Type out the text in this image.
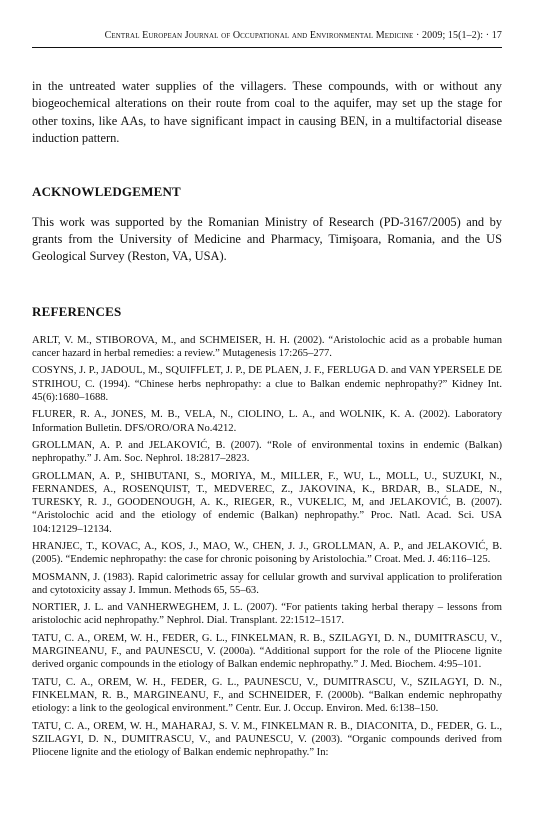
Central European Journal of Occupational and Environmental Medicine · 2009; 15(1–2): · 17

in the untreated water supplies of the villagers. These compounds, with or without any biogeochemical alterations on their route from coal to the aquifer, may set up the stage for other toxins, like AAs, to have significant impact in causing BEN, in a multifactorial disease induction pattern.

ACKNOWLEDGEMENT

This work was supported by the Romanian Ministry of Research (PD-3167/2005) and by grants from the University of Medicine and Pharmacy, Timişoara, Romania, and the US Geological Survey (Reston, VA, USA).

REFERENCES
ARLT, V. M., STIBOROVA, M., and SCHMEISER, H. H. (2002). “Aristolochic acid as a probable human cancer hazard in herbal remedies: a review.” Mutagenesis 17:265–277.
COSYNS, J. P., JADOUL, M., SQUIFFLET, J. P., DE PLAEN, J. F., FERLUGA D. and VAN YPERSELE DE STRIHOU, C. (1994). “Chinese herbs nephropathy: a clue to Balkan endemic nephropathy?” Kidney Int. 45(6):1680–1688.
FLURER, R. A., JONES, M. B., VELA, N., CIOLINO, L. A., and WOLNIK, K. A. (2002). Laboratory Information Bulletin. DFS/ORO/ORA No.4212.
GROLLMAN, A. P. and JELAKOVIĆ, B. (2007). “Role of environmental toxins in endemic (Balkan) nephropathy.” J. Am. Soc. Nephrol. 18:2817–2823.
GROLLMAN, A. P., SHIBUTANI, S., MORIYA, M., MILLER, F., WU, L., MOLL, U., SUZUKI, N., FERNANDES, A., ROSENQUIST, T., MEDVEREC, Z., JAKOVINA, K., BRDAR, B., SLADE, N., TURESKY, R. J., GOODENOUGH, A. K., RIEGER, R., VUKELIC, M, and JELAKOVIĆ, B. (2007). “Aristolochic acid and the etiology of endemic (Balkan) nephropathy.” Proc. Natl. Acad. Sci. USA 104:12129–12134.
HRANJEC, T., KOVAC, A., KOS, J., MAO, W., CHEN, J. J., GROLLMAN, A. P., and JELAKOVIĆ, B. (2005). “Endemic nephropathy: the case for chronic poisoning by Aristolochia.” Croat. Med. J. 46:116–125.
MOSMANN, J. (1983). Rapid calorimetric assay for cellular growth and survival application to proliferation and cytotoxicity assay J. Immun. Methods 65, 55–63.
NORTIER, J. L. and VANHERWEGHEM, J. L. (2007). “For patients taking herbal therapy – lessons from aristolochic acid nephropathy.” Nephrol. Dial. Transplant. 22:1512–1517.
TATU, C. A., OREM, W. H., FEDER, G. L., FINKELMAN, R. B., SZILAGYI, D. N., DUMITRASCU, V., MARGINEANU, F., and PAUNESCU, V. (2000a). “Additional support for the role of the Pliocene lignite derived organic compounds in the etiology of Balkan endemic nephropathy.” J. Med. Biochem. 4:95–101.
TATU, C. A., OREM, W. H., FEDER, G. L., PAUNESCU, V., DUMITRASCU, V., SZILAGYI, D. N., FINKELMAN, R. B., MARGINEANU, F., and SCHNEIDER, F. (2000b). “Balkan endemic nephropathy etiology: a link to the geological environment.” Centr. Eur. J. Occup. Environ. Med. 6:138–150.
TATU, C. A., OREM, W. H., MAHARAJ, S. V. M., FINKELMAN R. B., DIACONITA, D., FEDER, G. L., SZILAGYI, D. N., DUMITRASCU, V., and PAUNESCU, V. (2003). “Organic compounds derived from Pliocene lignite and the etiology of Balkan endemic nephropathy.” In:
